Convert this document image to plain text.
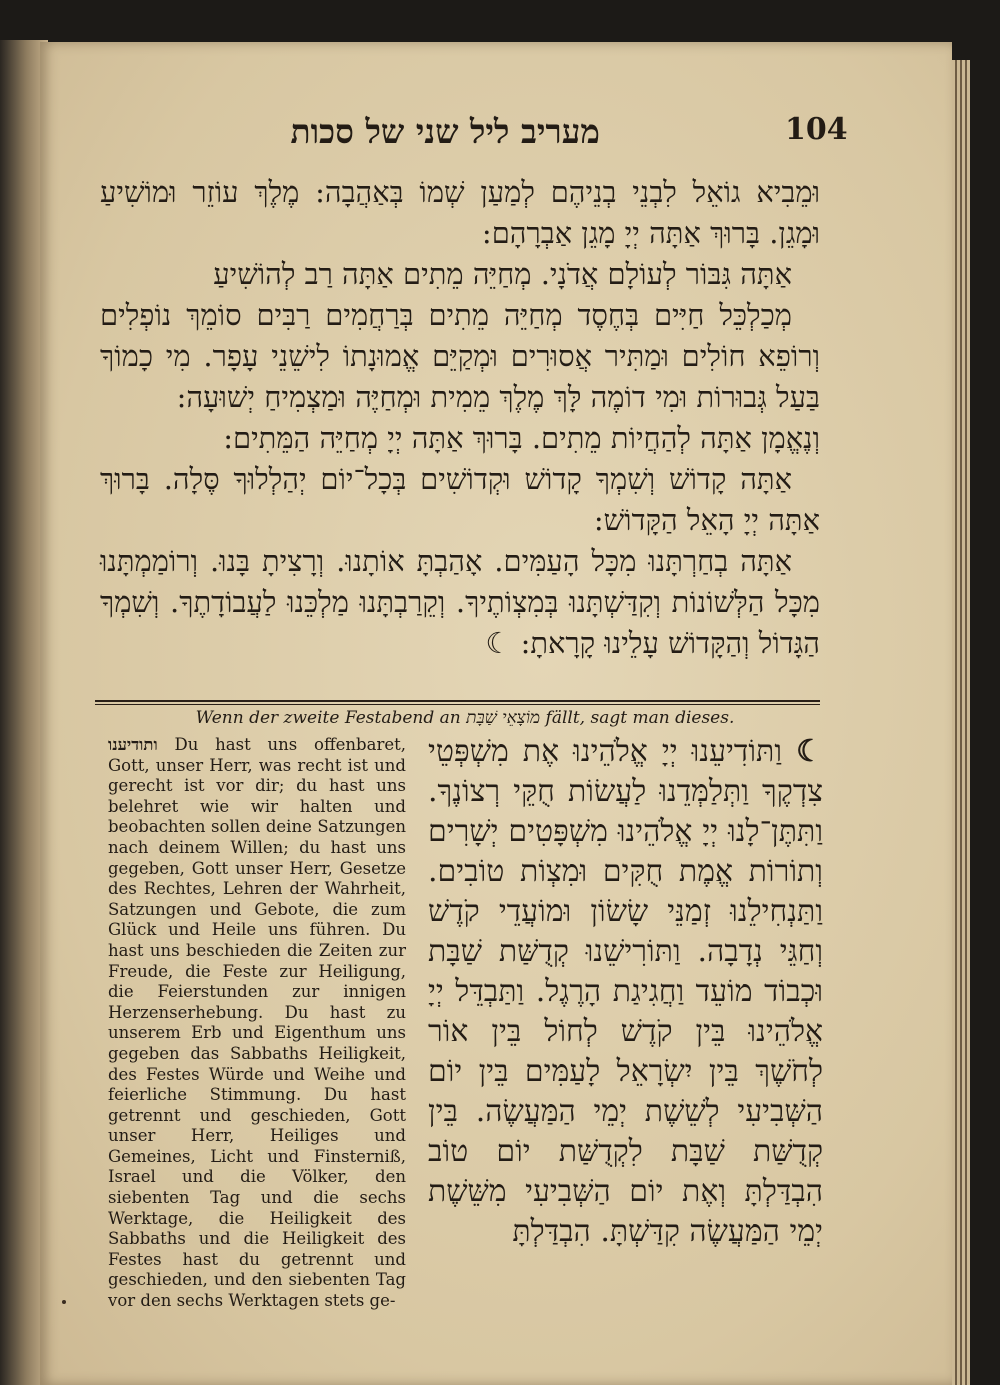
104
מעריב ליל שני של סכות

וּמֵבִיא גוֹאֵל לִבְנֵי בְנֵיהֶם לְמַעַן שְׁמוֹ בְּאַהֲבָה: מֶלֶךְ עוֹזֵר וּמוֹשִׁיעַ וּמָגֵן. בָּרוּךְ אַתָּה יְיָ מָגֵן אַבְרָהָם:

אַתָּה גִּבּוֹר לְעוֹלָם אֲדֹנָי. מְחַיֵּה מֵתִים אַתָּה רַב לְהוֹשִׁיעַ

מְכַלְכֵּל חַיִּים בְּחֶסֶד מְחַיֵּה מֵתִים בְּרַחֲמִים רַבִּים סוֹמֵךְ נוֹפְלִים וְרוֹפֵא חוֹלִים וּמַתִּיר אֲסוּרִים וּמְקַיֵּם אֱמוּנָתוֹ לִישֵׁנֵי עָפָר. מִי כָמוֹךָ בַּעַל גְּבוּרוֹת וּמִי דוֹמֶה לָּךְ מֶלֶךְ מֵמִית וּמְחַיֶּה וּמַצְמִיחַ יְשׁוּעָה:

וְנֶאֱמָן אַתָּה לְהַחֲיוֹת מֵתִים. בָּרוּךְ אַתָּה יְיָ מְחַיֵּה הַמֵּתִים:

אַתָּה קָדוֹשׁ וְשִׁמְךָ קָדוֹשׁ וּקְדוֹשִׁים בְּכָל־יוֹם יְהַלְלוּךָ סֶּלָה. בָּרוּךְ אַתָּה יְיָ הָאֵל הַקָּדוֹשׁ:

אַתָּה בְחַרְתָּנוּ מִכָּל הָעַמִּים. אָהַבְתָּ אוֹתָנוּ. וְרָצִיתָ בָּנוּ. וְרוֹמַמְתָּנוּ מִכָּל הַלְּשׁוֹנוֹת וְקִדַּשְׁתָּנוּ בְּמִצְוֹתֶיךָ. וְקֵרַבְתָּנוּ מַלְכֵּנוּ לַעֲבוֹדָתֶךָ. וְשִׁמְךָ הַגָּדוֹל וְהַקָּדוֹשׁ עָלֵינוּ קָרָאתָ: ☾

Wenn der zweite Festabend an מוֹצָאֵי שַׁבָּת fällt, sagt man dieses.
ותודיענו Du hast uns offenbaret, Gott, unser Herr, was recht ist und gerecht ist vor dir; du hast uns belehret wie wir halten und beobachten sollen deine Satzungen nach deinem Willen; du hast uns gegeben, Gott unser Herr, Gesetze des Rechtes, Lehren der Wahrheit, Satzungen und Gebote, die zum Glück und Heile uns führen. Du hast uns beschieden die Zeiten zur Freude, die Feste zur Heiligung, die Feierstunden zur innigen Herzenserhebung. Du hast zu unserem Erb und Eigenthum uns gegeben das Sabbaths Heiligkeit, des Festes Würde und Weihe und feierliche Stimmung. Du hast getrennt und geschieden, Gott unser Herr, Heiliges und Gemeines, Licht und Finsterniß, Israel und die Völker, den siebenten Tag und die sechs Werktage, die Heiligkeit des Sabbaths und die Heiligkeit des Festes hast du getrennt und geschieden, und den siebenten Tag vor den sechs Werktagen stets ge-
☾ וַתּוֹדִיעֵנוּ יְיָ אֱלֹהֵינוּ אֶת מִשְׁפְּטֵי צִדְקֶךָ וַתְּלַמְּדֵנוּ לַעֲשׂוֹת חֻקֵּי רְצוֹנֶךָ. וַתִּתֶּן־לָנוּ יְיָ אֱלֹהֵינוּ מִשְׁפָּטִים יְשָׁרִים וְתוֹרוֹת אֱמֶת חֻקִּים וּמִצְוֹת טוֹבִים. וַתַּנְחִילֵנוּ זְמַנֵּי שָׂשׂוֹן וּמוֹעֲדֵי קֹדֶשׁ וְחַגֵּי נְדָבָה. וַתּוֹרִישֵׁנוּ קְדֻשַּׁת שַׁבָּת וּכְבוֹד מוֹעֵד וַחֲגִיגַת הָרֶגֶל. וַתַּבְדֵּל יְיָ אֱלֹהֵינוּ בֵּין קֹדֶשׁ לְחוֹל בֵּין אוֹר לְחֹשֶׁךְ בֵּין יִשְׂרָאֵל לָעַמִּים בֵּין יוֹם הַשְּׁבִיעִי לְשֵׁשֶׁת יְמֵי הַמַּעֲשֶׂה. בֵּין קְדֻשַּׁת שַׁבָּת לִקְדֻשַּׁת יוֹם טוֹב הִבְדַּלְתָּ וְאֶת יוֹם הַשְּׁבִיעִי מִשֵּׁשֶׁת יְמֵי הַמַּעֲשֶׂה קִדַּשְׁתָּ. הִבְדַּלְתָּ
